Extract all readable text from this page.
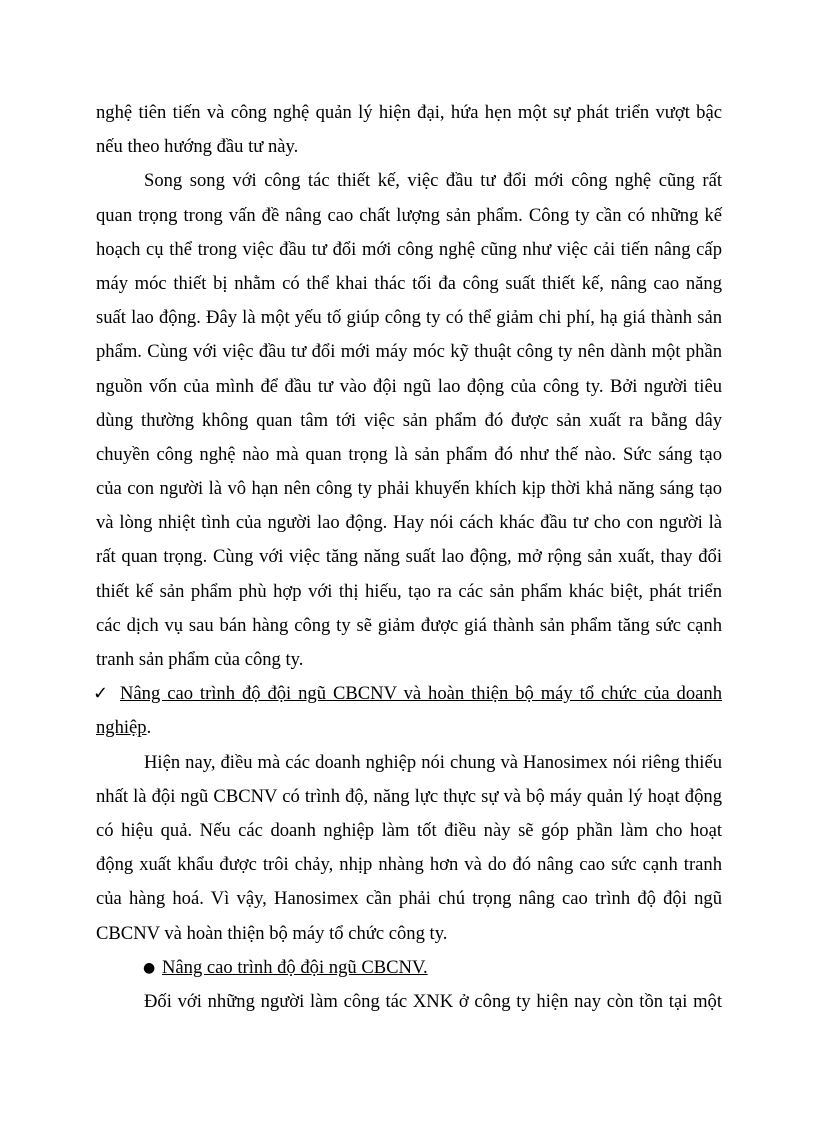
nghệ tiên tiến và công nghệ quản lý hiện đại, hứa hẹn một sự phát triển vượt bậc
nếu theo hướng đầu tư này.
Song song với công tác thiết kế, việc đầu tư đổi mới công nghệ cũng rất
quan trọng trong vấn đề nâng cao chất lượng sản phẩm. Công ty cần có những kế
hoạch cụ thể trong việc đầu tư đổi mới công nghệ cũng như việc cải tiến nâng cấp
máy móc thiết bị nhằm có thể khai thác tối đa công suất thiết kế, nâng cao năng
suất lao động. Đây là một yếu tố giúp công ty có thể giảm chi phí, hạ giá thành sản
phẩm. Cùng với việc đầu tư đổi mới máy móc kỹ thuật công ty nên dành một phần
nguồn vốn của mình để đầu tư vào đội ngũ lao động của công ty. Bởi người tiêu
dùng thường không quan tâm tới việc sản phẩm đó được sản xuất ra bằng dây
chuyền công nghệ nào mà quan trọng là sản phẩm đó như thế nào. Sức sáng tạo
của con người là vô hạn nên công ty phải khuyến khích kịp thời khả năng sáng tạo
và lòng nhiệt tình của người lao động. Hay nói cách khác đầu tư cho con người là
rất quan trọng. Cùng với việc tăng năng suất lao động, mở rộng sản xuất, thay đổi
thiết kế sản phẩm phù hợp với thị hiếu, tạo ra các sản phẩm khác biệt, phát triển
các dịch vụ sau bán hàng công ty sẽ giảm được giá thành sản phẩm tăng sức cạnh
tranh sản phẩm của công ty.
✓ Nâng cao trình độ đội ngũ CBCNV và hoàn thiện bộ máy tổ chức của doanh
nghiệp.
Hiện nay, điều mà các doanh nghiệp nói chung và Hanosimex nói riêng thiếu
nhất là đội ngũ CBCNV có trình độ, năng lực thực sự và bộ máy quản lý hoạt động
có hiệu quả. Nếu các doanh nghiệp làm tốt điều này sẽ góp phần làm cho hoạt
động xuất khẩu được trôi chảy, nhịp nhàng hơn và do đó nâng cao sức cạnh tranh
của hàng hoá. Vì vậy, Hanosimex cần phải chú trọng nâng cao trình độ đội ngũ
CBCNV và hoàn thiện bộ máy tổ chức công ty.
● Nâng cao trình độ đội ngũ CBCNV.
Đối với những người làm công tác XNK ở công ty hiện nay còn tồn tại một
